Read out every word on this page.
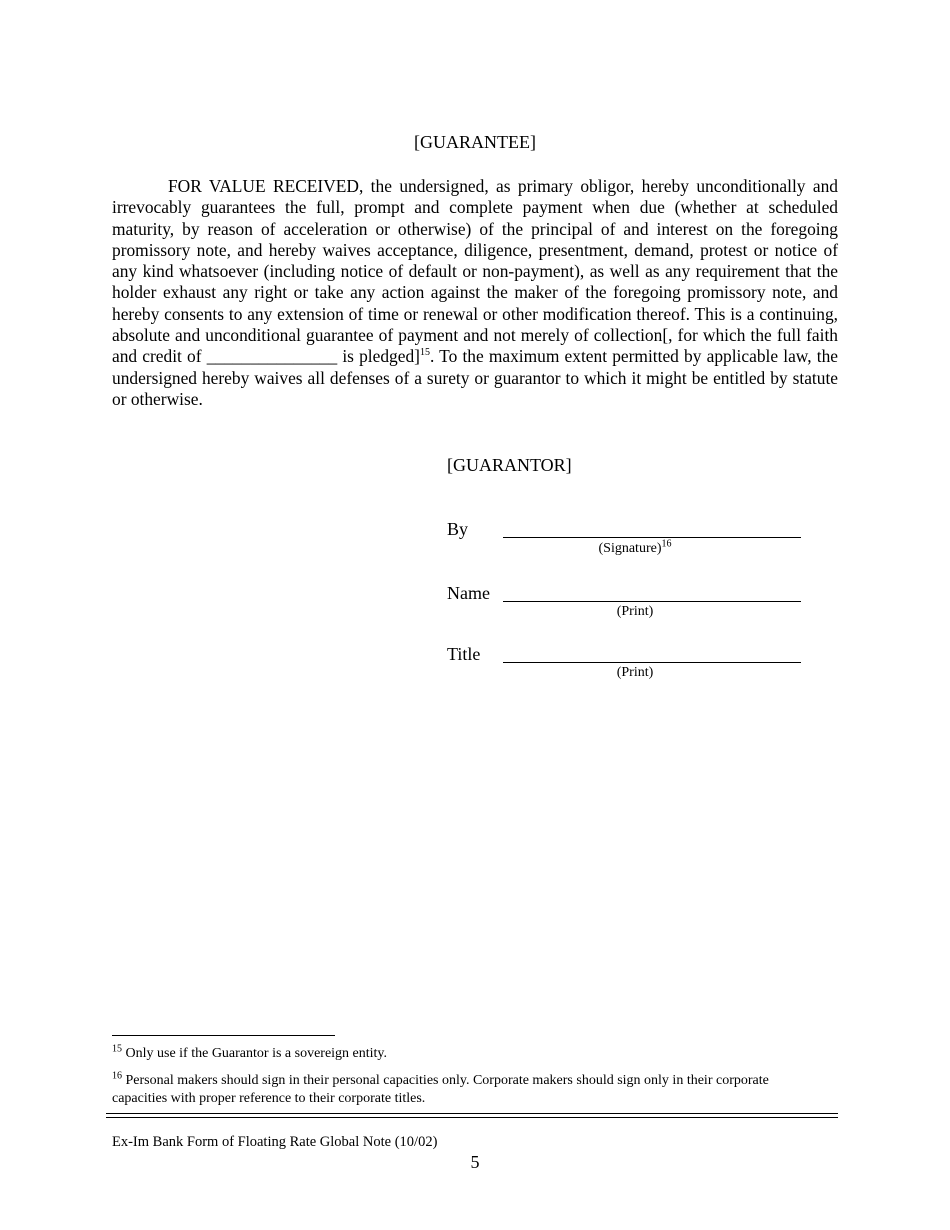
[GUARANTEE]

FOR VALUE RECEIVED, the undersigned, as primary obligor, hereby unconditionally and irrevocably guarantees the full, prompt and complete payment when due (whether at scheduled maturity, by reason of acceleration or otherwise) of the principal of and interest on the foregoing promissory note, and hereby waives acceptance, diligence, presentment, demand, protest or notice of any kind whatsoever (including notice of default or non-payment), as well as any requirement that the holder exhaust any right or take any action against the maker of the foregoing promissory note, and hereby consents to any extension of time or renewal or other modification thereof. This is a continuing, absolute and unconditional guarantee of payment and not merely of collection[, for which the full faith and credit of _______________ is pledged]$^{15}$. To the maximum extent permitted by applicable law, the undersigned hereby waives all defenses of a surety or guarantor to which it might be entitled by statute or otherwise.

[GUARANTOR]
By
(Signature)$^{16}$
Name
(Print)
Title
(Print)
$^{15}$ Only use if the Guarantor is a sovereign entity.
$^{16}$ Personal makers should sign in their personal capacities only. Corporate makers should sign only in their corporate capacities with proper reference to their corporate titles.
Ex-Im Bank Form of Floating Rate Global Note (10/02)
5
